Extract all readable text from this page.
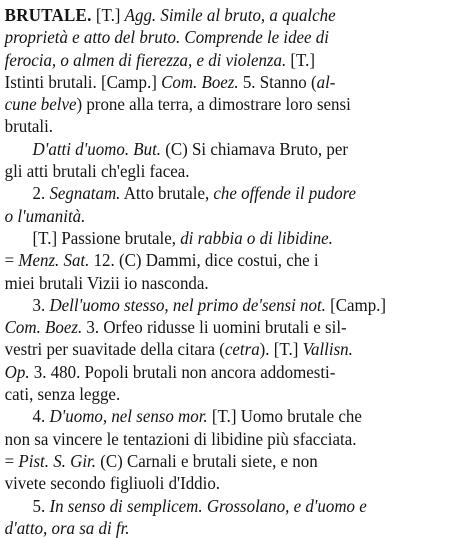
BRUTALE. [T.] Agg. Simile al bruto, a qualche
proprietà e atto del bruto. Comprende le idee di
ferocia, o almen di fierezza, e di violenza. [T.]
Istinti brutali. [Camp.] Com. Boez. 5. Stanno (al-
cune belve) prone alla terra, a dimostrare loro sensi
brutali.
D'atti d'uomo. But. (C) Si chiamava Bruto, per
gli atti brutali ch'egli facea.
2. Segnatam. Atto brutale, che offende il pudore
o l'umanità.
[T.] Passione brutale, di rabbia o di libidine.
= Menz. Sat. 12. (C) Dammi, dice costui, che i
miei brutali Vizii io nasconda.
3. Dell'uomo stesso, nel primo de'sensi not. [Camp.]
Com. Boez. 3. Orfeo ridusse li uomini brutali e sil-
vestri per suavitade della citara (cetra). [T.] Vallisn.
Op. 3. 480. Popoli brutali non ancora addomesti-
cati, senza legge.
4. D'uomo, nel senso mor. [T.] Uomo brutale che
non sa vincere le tentazioni di libidine più sfacciata.
= Pist. S. Gir. (C) Carnali e brutali siete, e non
vivete secondo figliuoli d'Iddio.
5. In senso di semplicem. Grossolano, e d'uomo e
d'atto, ora sa di fr.
